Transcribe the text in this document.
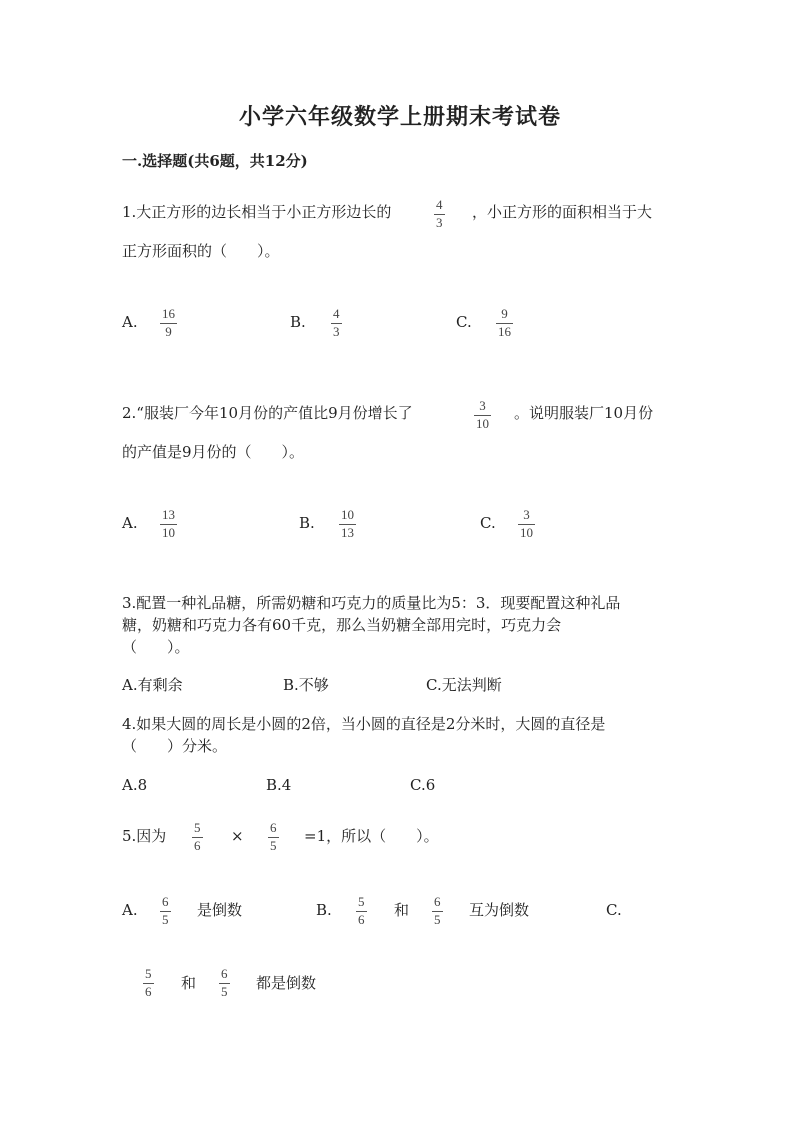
小学六年级数学上册期末考试卷
一.选择题(共6题，共12分)
1.大正方形的边长相当于小正方形边长的	4
3
，小正方形的面积相当于大
正方形面积的（　　）。
A. 16
9
B. 4
3
C. 9
16
2.“服装厂今年10月份的产值比9月份增长了	3
10
。说明服装厂10月份
的产值是9月份的（　　）。
A. 13
10
B. 10
13
C. 3
10
3.配置一种礼品糖，所需奶糖和巧克力的质量比为5：3．现要配置这种礼品
糖，奶糖和巧克力各有60千克，那么当奶糖全部用完时，巧克力会
（　　）。
A.有剩余	B.不够	C.无法判断
4.如果大圆的周长是小圆的2倍，当小圆的直径是2分米时，大圆的直径是
（　　）分米。
A.8	B.4	C.6
5.因为 5
6
× 6
5
=1，所以（　　）。
A. 6
5
是倒数	B. 5
6
和 6
5
互为倒数	C.
5
6 和
6
5 都是倒数
